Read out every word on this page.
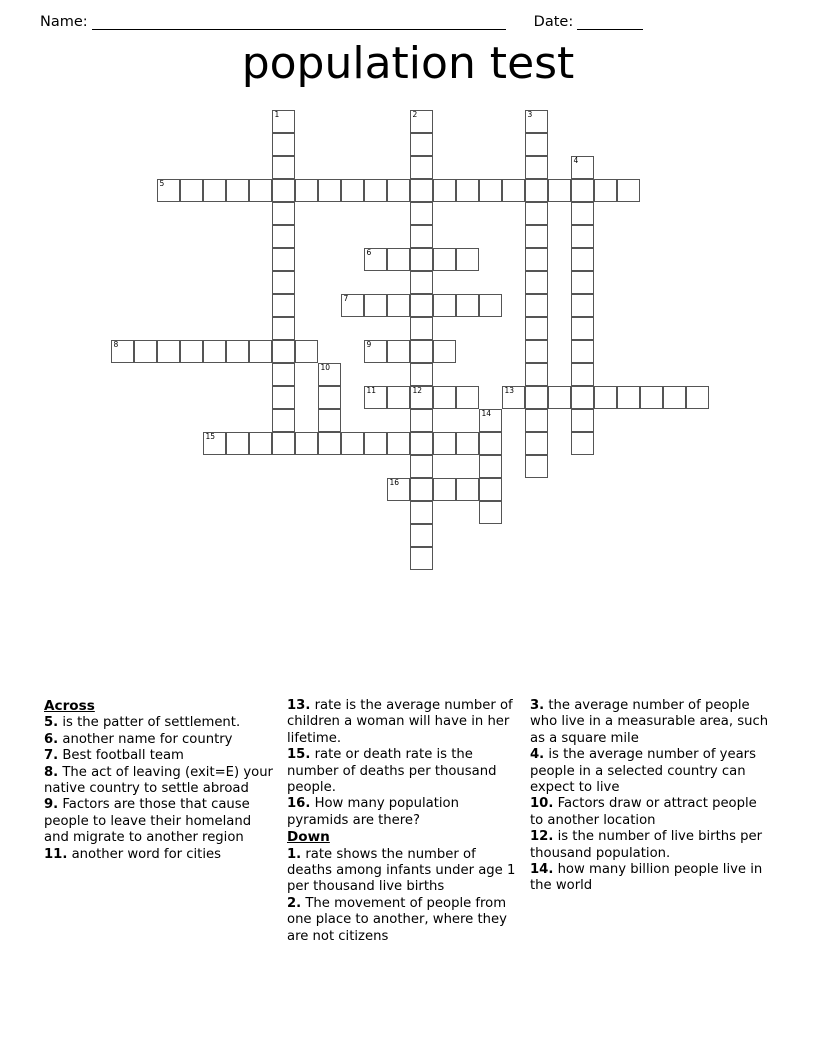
Name:	Date:
population test
1	2
12
3
4
5
6
7
8	9
10
11	13
14
15
16
Across
5. is the patter of settlement.
6. another name for country
7. Best football team
8. The act of leaving (exit=E) your native country to settle abroad
9. Factors are those that cause people to leave their homeland and migrate to another region
11. another word for cities
13. rate is the average number of children a woman will have in her lifetime.
15. rate or death rate is the number of deaths per thousand people.
16. How many population pyramids are there?
Down
1. rate shows the number of deaths among infants under age 1 per thousand live births
2. The movement of people from one place to another, where they are not citizens
3. the average number of people who live in a measurable area, such as a square mile
4. is the average number of years people in a selected country can expect to live
10. Factors draw or attract people to another location
12. is the number of live births per thousand population.
14. how many billion people live in the world
